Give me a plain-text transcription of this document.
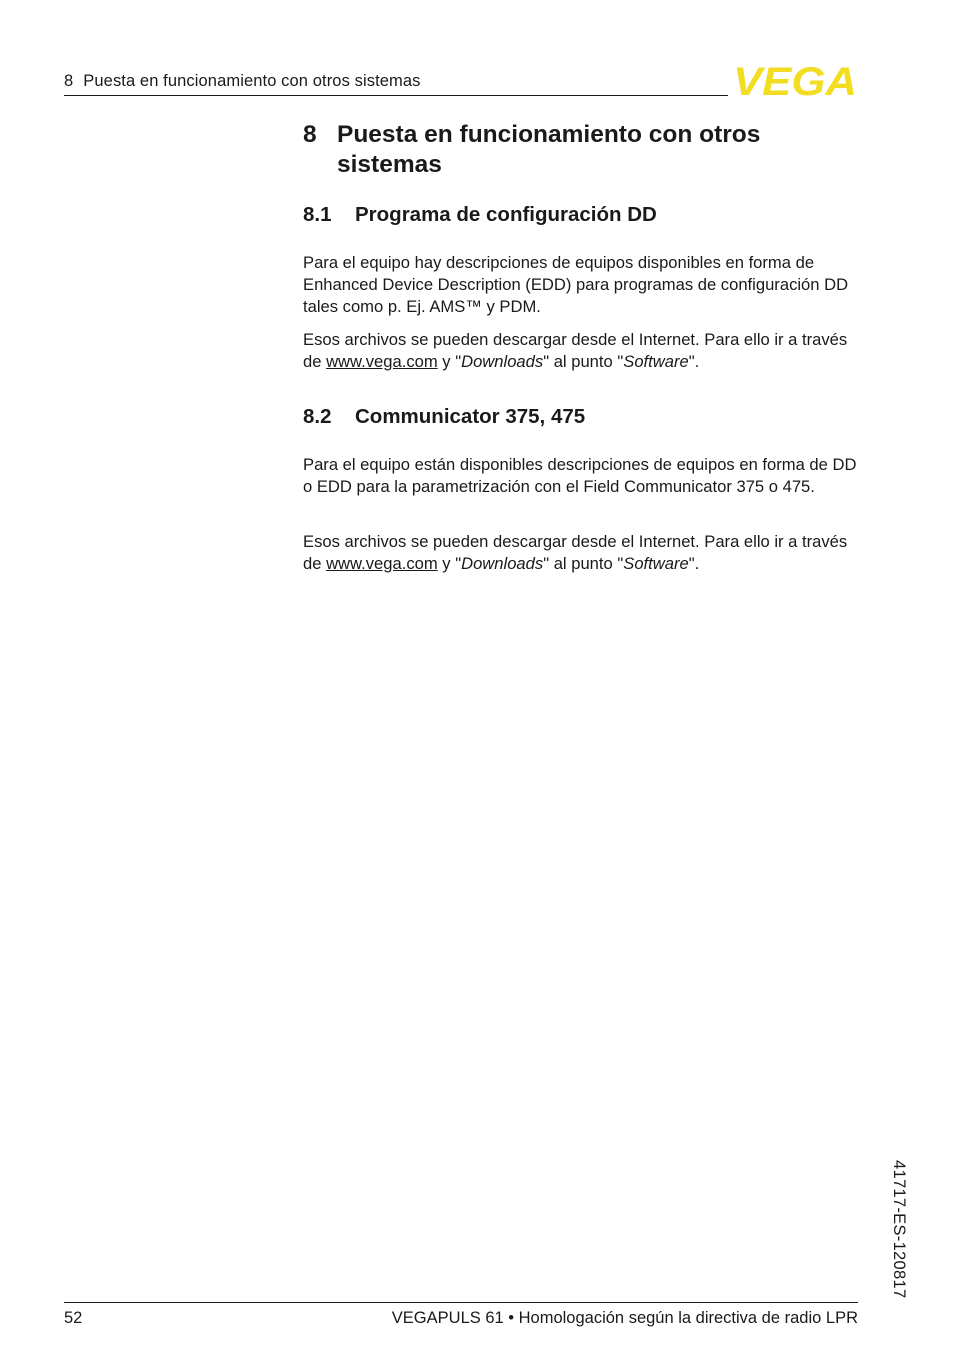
8 Puesta en funcionamiento con otros sistemas	VEGA
8 Puesta en funcionamiento con otros sistemas
8.1 Programa de configuración DD

Para el equipo hay descripciones de equipos disponibles en forma de Enhanced Device Description (EDD) para programas de configuración DD tales como p. Ej. AMS™ y PDM.

Esos archivos se pueden descargar desde el Internet. Para ello ir a través de www.vega.com y "Downloads" al punto "Software".

8.2 Communicator 375, 475

Para el equipo están disponibles descripciones de equipos en forma de DD o EDD para la parametrización con el Field Communicator 375 o 475.

Esos archivos se pueden descargar desde el Internet. Para ello ir a través de www.vega.com y "Downloads" al punto "Software".

41717-ES-120817
52	VEGAPULS 61 • Homologación según la directiva de radio LPR
